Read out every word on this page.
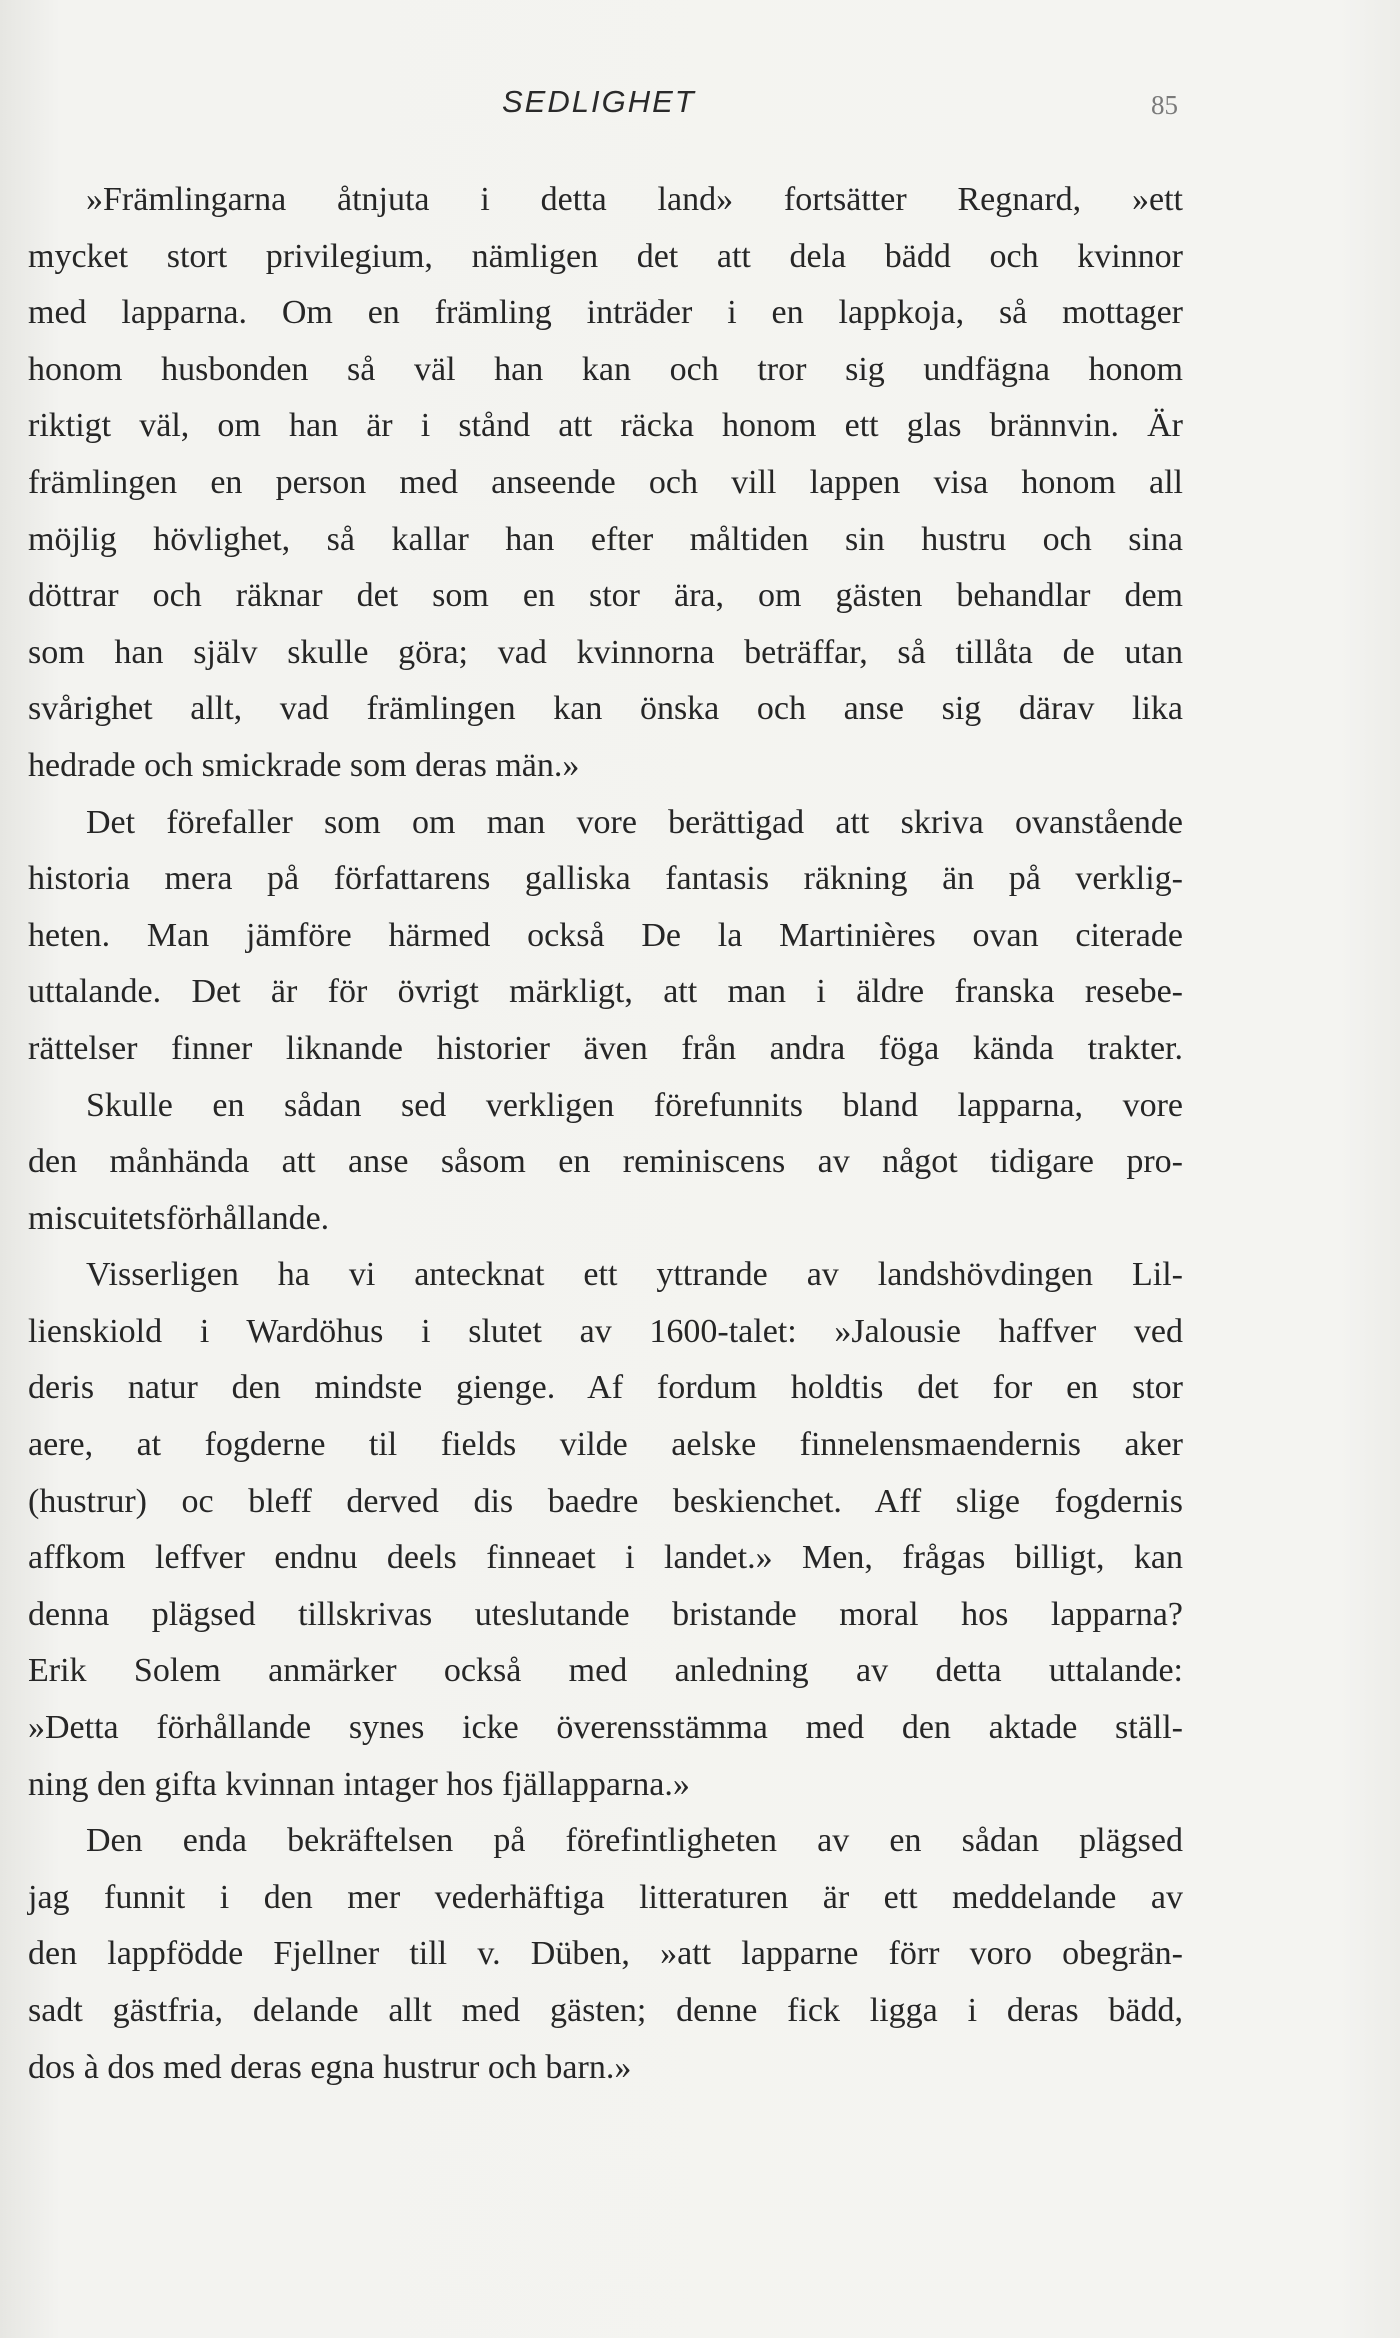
SEDLIGHET	85
»Främlingarna åtnjuta i detta land» fortsätter Regnard, »ett
mycket stort privilegium, nämligen det att dela bädd och kvinnor
med lapparna. Om en främling inträder i en lappkoja, så mottager
honom husbonden så väl han kan och tror sig undfägna honom
riktigt väl, om han är i stånd att räcka honom ett glas brännvin. Är
främlingen en person med anseende och vill lappen visa honom all
möjlig hövlighet, så kallar han efter måltiden sin hustru och sina
döttrar och räknar det som en stor ära, om gästen behandlar dem
som han själv skulle göra; vad kvinnorna beträffar, så tillåta de utan
svårighet allt, vad främlingen kan önska och anse sig därav lika
hedrade och smickrade som deras män.»
Det förefaller som om man vore berättigad att skriva ovanstående
historia mera på författarens galliska fantasis räkning än på verklig-
heten. Man jämföre härmed också De la Martinières ovan citerade
uttalande. Det är för övrigt märkligt, att man i äldre franska resebe-
rättelser finner liknande historier även från andra föga kända trakter.
Skulle en sådan sed verkligen förefunnits bland lapparna, vore
den månhända att anse såsom en reminiscens av något tidigare pro-
miscuitetsförhållande.
Visserligen ha vi antecknat ett yttrande av landshövdingen Lil-
lienskiold i Wardöhus i slutet av 1600-talet: »Jalousie haffver ved
deris natur den mindste gienge. Af fordum holdtis det for en stor
aere, at fogderne til fields vilde aelske finnelensmaendernis aker
(hustrur) oc bleff derved dis baedre beskienchet. Aff slige fogdernis
affkom leffver endnu deels finneaet i landet.» Men, frågas billigt, kan
denna plägsed tillskrivas uteslutande bristande moral hos lapparna?
Erik Solem anmärker också med anledning av detta uttalande:
»Detta förhållande synes icke överensstämma med den aktade ställ-
ning den gifta kvinnan intager hos fjällapparna.»
Den enda bekräftelsen på förefintligheten av en sådan plägsed
jag funnit i den mer vederhäftiga litteraturen är ett meddelande av
den lappfödde Fjellner till v. Düben, »att lapparne förr voro obegrän-
sadt gästfria, delande allt med gästen; denne fick ligga i deras bädd,
dos à dos med deras egna hustrur och barn.»
